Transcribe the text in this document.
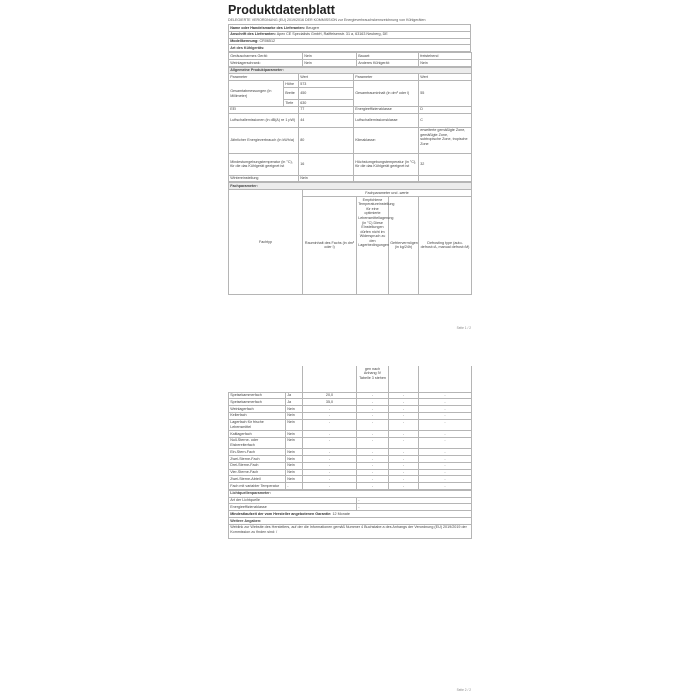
Produktdatenblatt
DELEGIERTE VERORDNUNG (EU) 2019/2016 DER KOMMISSION zur Energieverbrauchskennzeichnung von Kühlgeräten
Name oder Handelsmarke des Lieferanten: Beugerr
Anschrift des Lieferanten: Apex CE Specialists GmbH, Raiffeisenstr. 31 a, 63163 Neuberg, DE
Modellkennung: CR06512
Art des Kühlgeräts:
Geräuscharmes Gerät:	Nein	Bauart:	freistehend
Weinlagerschrank:	Nein	Anderes Kühlgerät:	Nein
Allgemeine Produktparameter:				
Parameter		Wert	Parameter	Wert
Gesamtabmessungen (in Millimeter)	Höhe	573	Gesamtrauminhalt (in dm³ oder l)	55
	Breite	450		
	Tiefe	630		
EEI		77	Energieeffizienzklasse	D
Luftschallemissionen (in dB(A) re 1 pW)		44	Luftschallemissionsklasse	C
Jährlicher Energieverbrauch (in kWh/a)		80	Klimaklasse:	erweiterte gemäßigte Zone, gemäßigte Zone, subtropische Zone, tropische Zone
Mindestumgebungstemperatur (in °C), für die das Kühlgerät geeignet ist		16	Höchstumgebungstemperatur (in °C), für die das Kühlgerät geeignet ist	32
Wintereinstellung		Nein		
Fachparameter:				
Fachtyp	Fachparameter und -werte			
	Rauminhalt des Fachs (in dm³ oder l)	Empfohlene Temperatureinstellung für eine optimierte Lebensmittellagerung (in °C) Diese Einstellungen dürfen nicht im Widerspruch zu den Lagerbedingungen	Gefriervermögen (in kg/24h)	Defrosting type (auto-defrost=A, manual defrost=M)
Seite 1 / 2
			gen nach Anhang IV Tabelle 3 stehen		
Speisekammerfach	Ja	20,0	-	-	-
Speisekammerfach	Ja	35,0	-	-	-
Weinlagerfach	Nein	-	-	-	-
Kellerfach	Nein	-	-	-	-
Lagerfach für frische Lebensmittel	Nein	-	-	-	-
Kaltlagerfach	Nein	-	-	-	-
Null-Sterne- oder Eisbereiterfach	Nein	-	-	-	-
Ein-Stern-Fach	Nein	-	-	-	-
Zwei-Sterne-Fach	Nein	-	-	-	-
Drei-Sterne-Fach	Nein	-	-	-	-
Vier-Sterne-Fach	Nein	-	-	-	-
Zwei-Sterne-Abteil	Nein	-	-	-	-
Fach mit variabler Temperatur	-	-	-	-	-
Lichtquellenparameter:	
Art der Lichtquelle	-
Energieeffizienzklasse	-
Mindestlaufzeit der vom Hersteller angebotenen Garantie: 12 Monate	
Weitere Angaben:	
Weblink zur Website des Herstellers, auf der die Informationen gemäß Nummer 4 Buchstabe a des Anhangs der Verordnung (EU) 2019/2019 der Kommission zu finden sind: /	
Seite 2 / 2
